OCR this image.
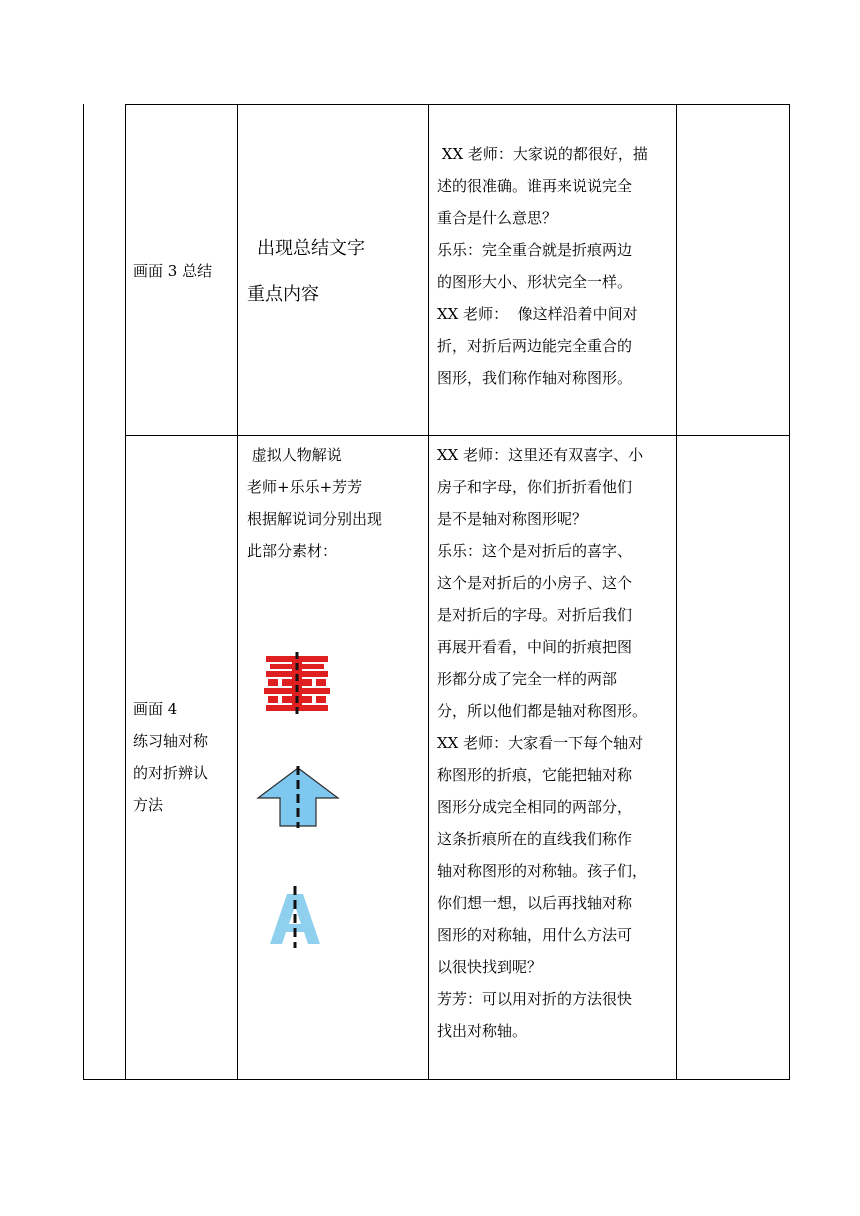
画面 3 总结

出现总结文字

重点内容

XX 老师：大家说的都很好，描

述的很准确。谁再来说说完全

重合是什么意思？

乐乐：完全重合就是折痕两边

的图形大小、形状完全一样。

XX 老师：  像这样沿着中间对

折，对折后两边能完全重合的

图形，我们称作轴对称图形。

画面 4

练习轴对称

的对折辨认

方法

虚拟人物解说

老师+乐乐+芳芳

根据解说词分别出现

此部分素材：

XX 老师：这里还有双喜字、小

房子和字母，你们折折看他们

是不是轴对称图形呢？

乐乐：这个是对折后的喜字、

这个是对折后的小房子、这个

是对折后的字母。对折后我们

再展开看看，中间的折痕把图

形都分成了完全一样的两部

分，所以他们都是轴对称图形。

XX 老师：大家看一下每个轴对

称图形的折痕，它能把轴对称

图形分成完全相同的两部分，

这条折痕所在的直线我们称作

轴对称图形的对称轴。孩子们，

你们想一想，以后再找轴对称

图形的对称轴，用什么方法可

以很快找到呢？

芳芳：可以用对折的方法很快

找出对称轴。
